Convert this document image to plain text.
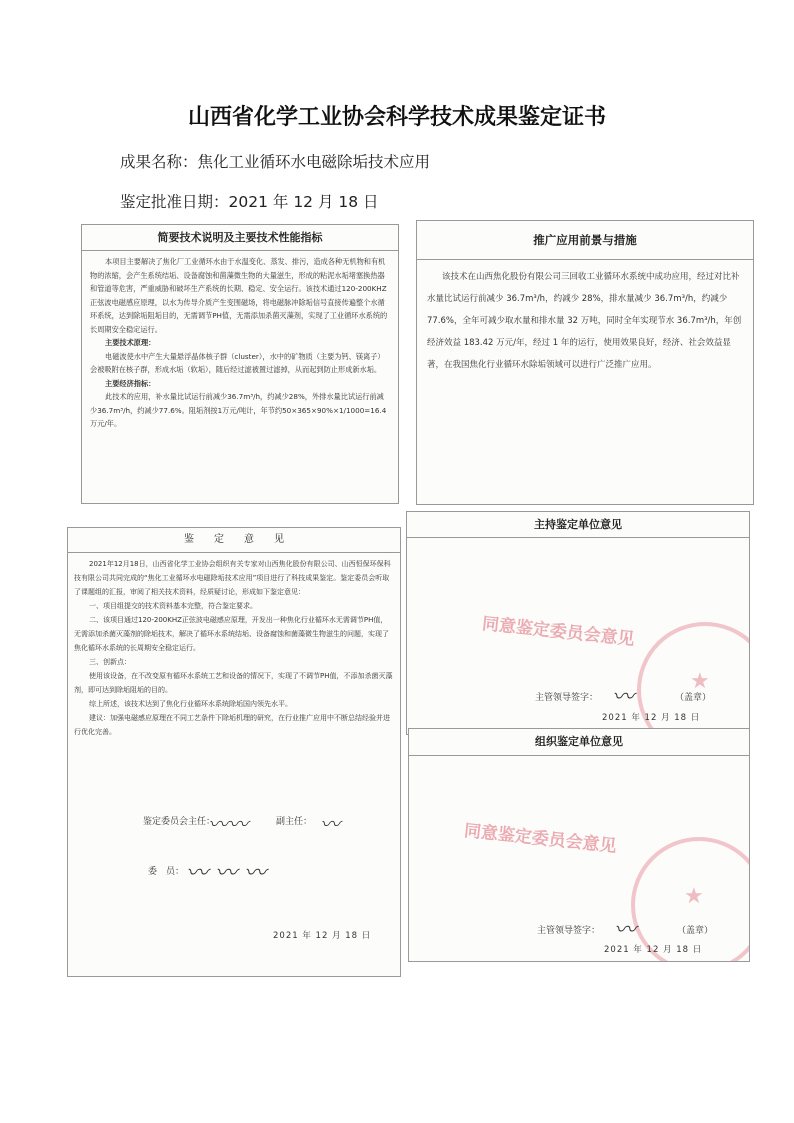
山西省化学工业协会科学技术成果鉴定证书
成果名称：焦化工业循环水电磁除垢技术应用
鉴定批准日期：2021 年 12 月 18 日
简要技术说明及主要技术性能指标

本项目主要解决了焦化厂工业循环水由于水温变化、蒸发、排污，造成各种无机物和有机物的浓缩，会产生系统结垢、设备腐蚀和菌藻微生物的大量滋生，形成的粘泥水垢堵塞换热器和管道等危害，严重威胁和破坏生产系统的长期、稳定、安全运行。该技术通过120-200KHZ正弦波电磁感应原理，以水为传导介质产生变围磁场，将电磁脉冲除垢信号直接传遍整个水循环系统，达到除垢阻垢目的，无需调节PH值，无需添加杀菌灭藻剂，实现了工业循环水系统的长周期安全稳定运行。

主要技术原理：

电磁波使水中产生大量悬浮晶体核子群（cluster），水中的矿物质（主要为钙、镁离子）会被吸附在核子群，形成水垢（软垢），随后经过滤被置过滤掉，从而起到防止形成新水垢。

主要经济指标：

此技术的应用，补水量比试运行前减少36.7m³/h，约减少28%，外排水量比试运行前减少36.7m³/h，约减少77.6%。阻垢剂按1万元/吨计，年节约50×365×90%×1/1000=16.4万元/年。

推广应用前景与措施

该技术在山西焦化股份有限公司三回收工业循环水系统中成功应用，经过对比补水量比试运行前减少 36.7m³/h，约减少 28%，排水量减少 36.7m³/h，约减少 77.6%，全年可减少取水量和排水量 32 万吨，同时全年实现节水 36.7m³/h，年创经济效益 183.42 万元/年，经过 1 年的运行，使用效果良好，经济、社会效益显著，在我国焦化行业循环水除垢领域可以进行广泛推广应用。

鉴　　定　　意　　见

2021年12月18日，山西省化学工业协会组织有关专家对山西焦化股份有限公司、山西恒保环保科技有限公司共同完成的“焦化工业循环水电磁除垢技术应用”项目进行了科技成果鉴定。鉴定委员会听取了课题组的汇报，审阅了相关技术资料，经质疑讨论，形成如下鉴定意见：

一、项目组提交的技术资料基本完整，符合鉴定要求。

二、该项目通过120-200KHZ正弦波电磁感应原理，开发出一种焦化行业循环水无需调节PH值，无需添加杀菌灭藻剂的除垢技术，解决了循环水系统结垢、设备腐蚀和菌藻微生物滋生的问题，实现了焦化循环水系统的长周期安全稳定运行。

三、创新点：

使用该设备，在不改变原有循环水系统工艺和设备的情况下，实现了不调节PH值，不添加杀菌灭藻剂，即可达到除垢阻垢的目的。

综上所述，该技术达到了焦化行业循环水系统除垢国内领先水平。

建议：加强电磁感应原理在不同工艺条件下除垢机理的研究，在行业推广应用中不断总结经验并进行优化完善。

鉴定委员会主任：
〰〰	副主任： 〰
委　员： 〰 〰 〰
2021 年 12 月 18 日
主持鉴定单位意见
同意鉴定委员会意见
★
主管领导签字： 〰	（盖章）
2021 年 12 月 18 日
组织鉴定单位意见
同意鉴定委员会意见
★
主管领导签字： 〰	（盖章）
2021 年 12 月 18 日
